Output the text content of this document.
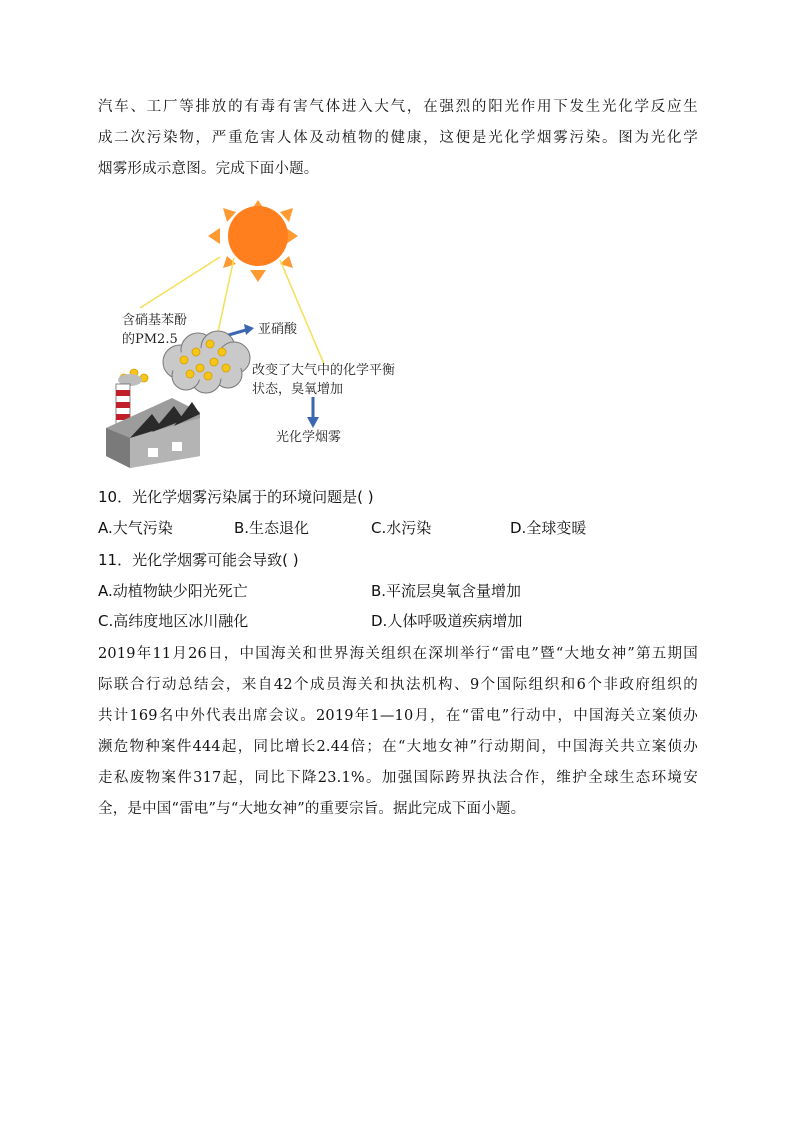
汽车、工厂等排放的有毒有害气体进入大气，在强烈的阳光作用下发生光化学反应生
成二次污染物，严重危害人体及动植物的健康，这便是光化学烟雾污染。图为光化学
烟雾形成示意图。完成下面小题。
含硝基苯酚
的PM2.5
亚硝酸
改变了大气中的化学平衡
状态，臭氧增加
光化学烟雾
10．光化学烟雾污染属于的环境问题是( )
A.大气污染	B.生态退化	C.水污染	D.全球变暖
11．光化学烟雾可能会导致( )
A.动植物缺少阳光死亡	B.平流层臭氧含量增加
C.高纬度地区冰川融化	D.人体呼吸道疾病增加
2019年11月26日，中国海关和世界海关组织在深圳举行“雷电”暨“大地女神”第五期国
际联合行动总结会，来自42个成员海关和执法机构、9个国际组织和6个非政府组织的
共计169名中外代表出席会议。2019年1—10月，在“雷电”行动中，中国海关立案侦办
濒危物种案件444起，同比增长2.44倍；在“大地女神”行动期间，中国海关共立案侦办
走私废物案件317起，同比下降23.1%。加强国际跨界执法合作，维护全球生态环境安
全，是中国“雷电”与“大地女神”的重要宗旨。据此完成下面小题。
